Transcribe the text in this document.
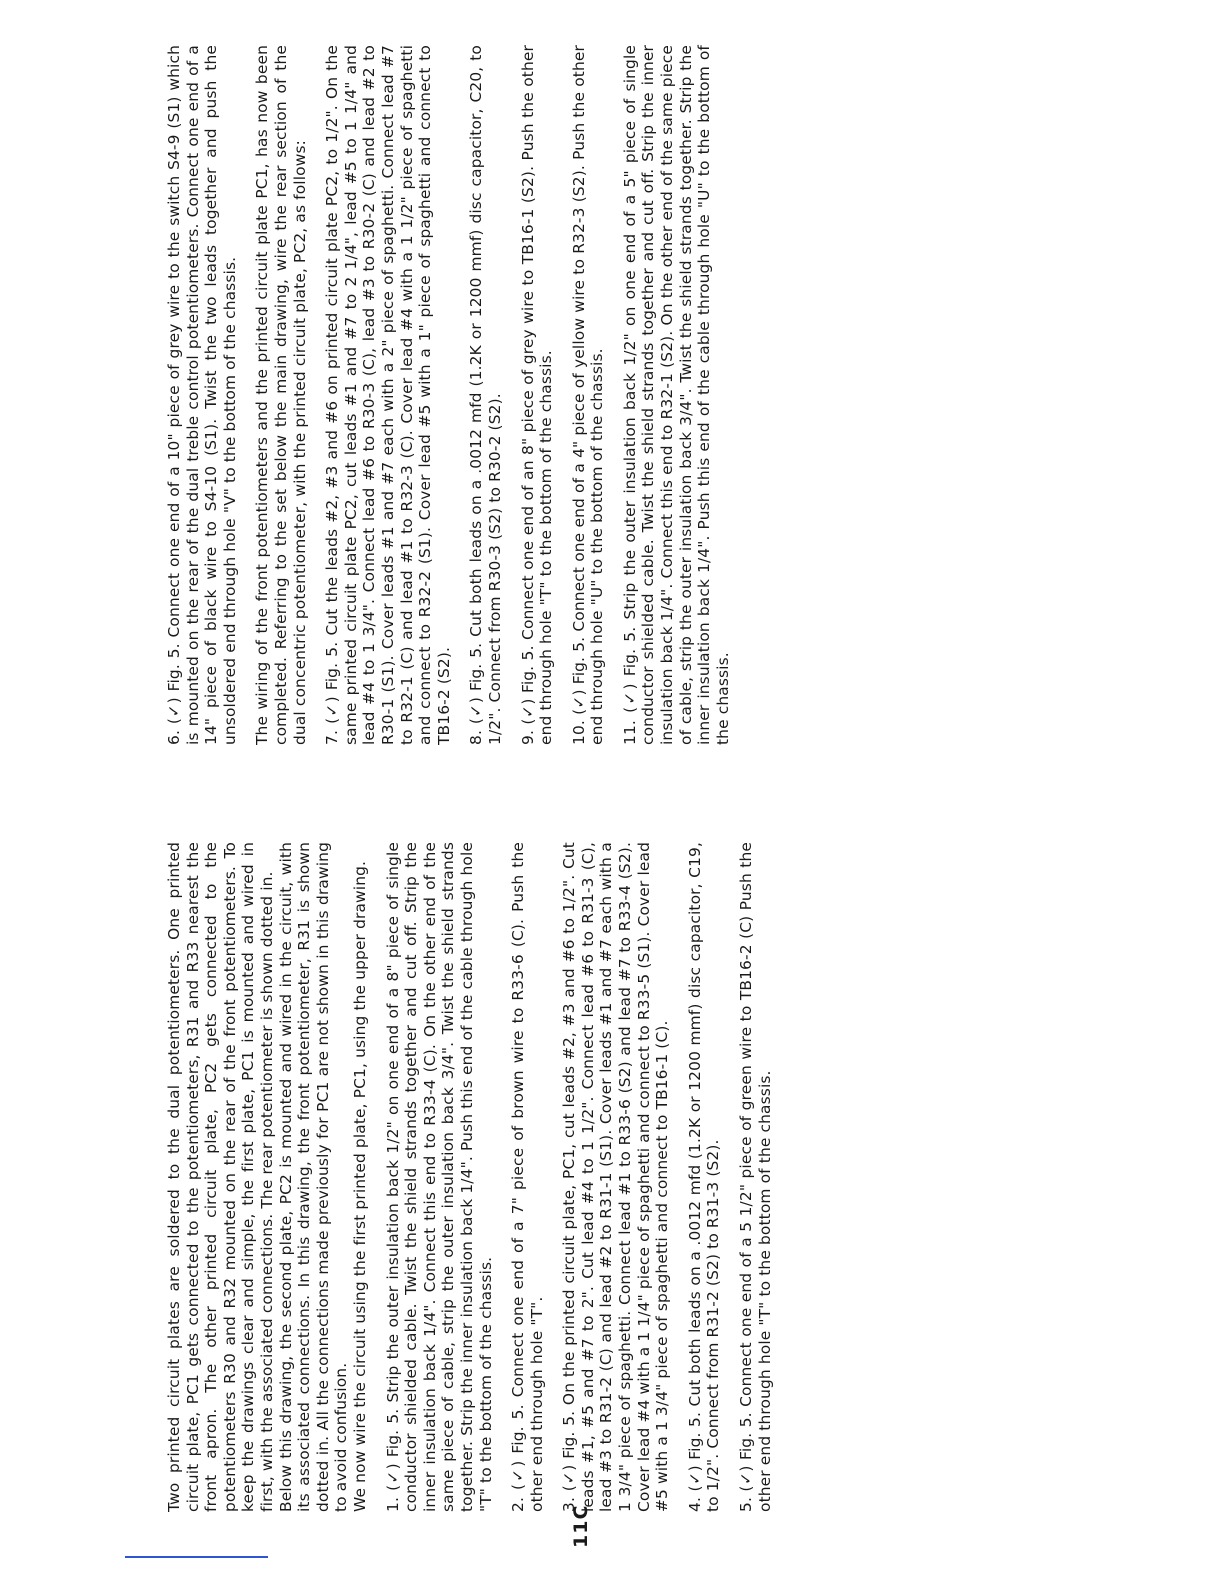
Two printed circuit plates are soldered to the dual potentiometers. One printed circuit plate, PC1 gets connected to the potentiometers, R31 and R33 nearest the front apron. The other printed circuit plate, PC2 gets connected to the potentiometers R30 and R32 mounted on the rear of the front potentiometers. To keep the drawings clear and simple, the first plate, PC1 is mounted and wired in first, with the associated connections. The rear potentiometer is shown dotted in. Below this drawing, the second plate, PC2 is mounted and wired in the circuit, with its associated connections. In this drawing, the front potentiometer, R31 is shown dotted in. All the connections made previously for PC1 are not shown in this drawing to avoid confusion. We now wire the circuit using the first printed plate, PC1, using the upper drawing. 1. (✓) Fig. 5. Strip the outer insulation back 1/2" on one end of a 8" piece of single conductor shielded cable. Twist the shield strands together and cut off. Strip the inner insulation back 1/4". Connect this end to R33-4 (C). On the other end of the same piece of cable, strip the outer insulation back 3/4". Twist the shield strands together. Strip the inner insulation back 1/4". Push this end of the cable through hole "T" to the bottom of the chassis. 2. (✓) Fig. 5. Connect one end of a 7" piece of brown wire to R33-6 (C). Push the other end through hole "T". 3. (✓) Fig. 5. On the printed circuit plate, PC1, cut leads #2, #3 and #6 to 1/2". Cut leads #1, #5 and #7 to 2". Cut lead #4 to 1 1/2". Connect lead #6 to R31-3 (C), lead #3 to R31-2 (C) and lead #2 to R31-1 (S1). Cover leads #1 and #7 each with a 1 3/4" piece of spaghetti. Connect lead #1 to R33-6 (S2) and lead #7 to R33-4 (S2). Cover lead #4 with a 1 1/4" piece of spaghetti and connect to R33-5 (S1). Cover lead #5 with a 1 3/4" piece of spaghetti and connect to TB16-1 (C). 4. (✓) Fig. 5. Cut both leads on a .0012 mfd (1.2K or 1200 mmf) disc capacitor, C19, to 1/2". Connect from R31-2 (S2) to R31-3 (S2). 5. (✓) Fig. 5. Connect one end of a 5 1/2" piece of green wire to TB16-2 (C) Push the other end through hole "T" to the bottom of the chassis.

6. (✓) Fig. 5. Connect one end of a 10" piece of grey wire to the switch S4-9 (S1) which is mounted on the rear of the dual treble control potentiometers. Connect one end of a 14" piece of black wire to S4-10 (S1). Twist the two leads together and push the unsoldered end through hole "V" to the bottom of the chassis. The wiring of the front potentiometers and the printed circuit plate PC1, has now been completed. Referring to the set below the main drawing, wire the rear section of the dual concentric potentiometer, with the printed circuit plate, PC2, as follows: 7. (✓) Fig. 5. Cut the leads #2, #3 and #6 on printed circuit plate PC2, to 1/2". On the same printed circuit plate PC2, cut leads #1 and #7 to 2 1/4", lead #5 to 1 1/4" and lead #4 to 1 3/4". Connect lead #6 to R30-3 (C), lead #3 to R30-2 (C) and lead #2 to R30-1 (S1). Cover leads #1 and #7 each with a 2" piece of spaghetti. Connect lead #7 to R32-1 (C) and lead #1 to R32-3 (C). Cover lead #4 with a 1 1/2" piece of spaghetti and connect to R32-2 (S1). Cover lead #5 with a 1" piece of spaghetti and connect to TB16-2 (S2). 8. (✓) Fig. 5. Cut both leads on a .0012 mfd (1.2K or 1200 mmf) disc capacitor, C20, to 1/2". Connect from R30-3 (S2) to R30-2 (S2). 9. (✓) Fig. 5. Connect one end of an 8" piece of grey wire to TB16-1 (S2). Push the other end through hole "T" to the bottom of the chassis. 10. (✓) Fig. 5. Connect one end of a 4" piece of yellow wire to R32-3 (S2). Push the other end through hole "U" to the bottom of the chassis. 11. (✓) Fig. 5. Strip the outer insulation back 1/2" on one end of a 5" piece of single conductor shielded cable. Twist the shield strands together and cut off. Strip the inner insulation back 1/4". Connect this end to R32-1 (S2). On the other end of the same piece of cable, strip the outer insulation back 3/4". Twist the shield strands together. Strip the inner insulation back 1/4". Push this end of the cable through hole "U" to the bottom of the chassis.

11C
